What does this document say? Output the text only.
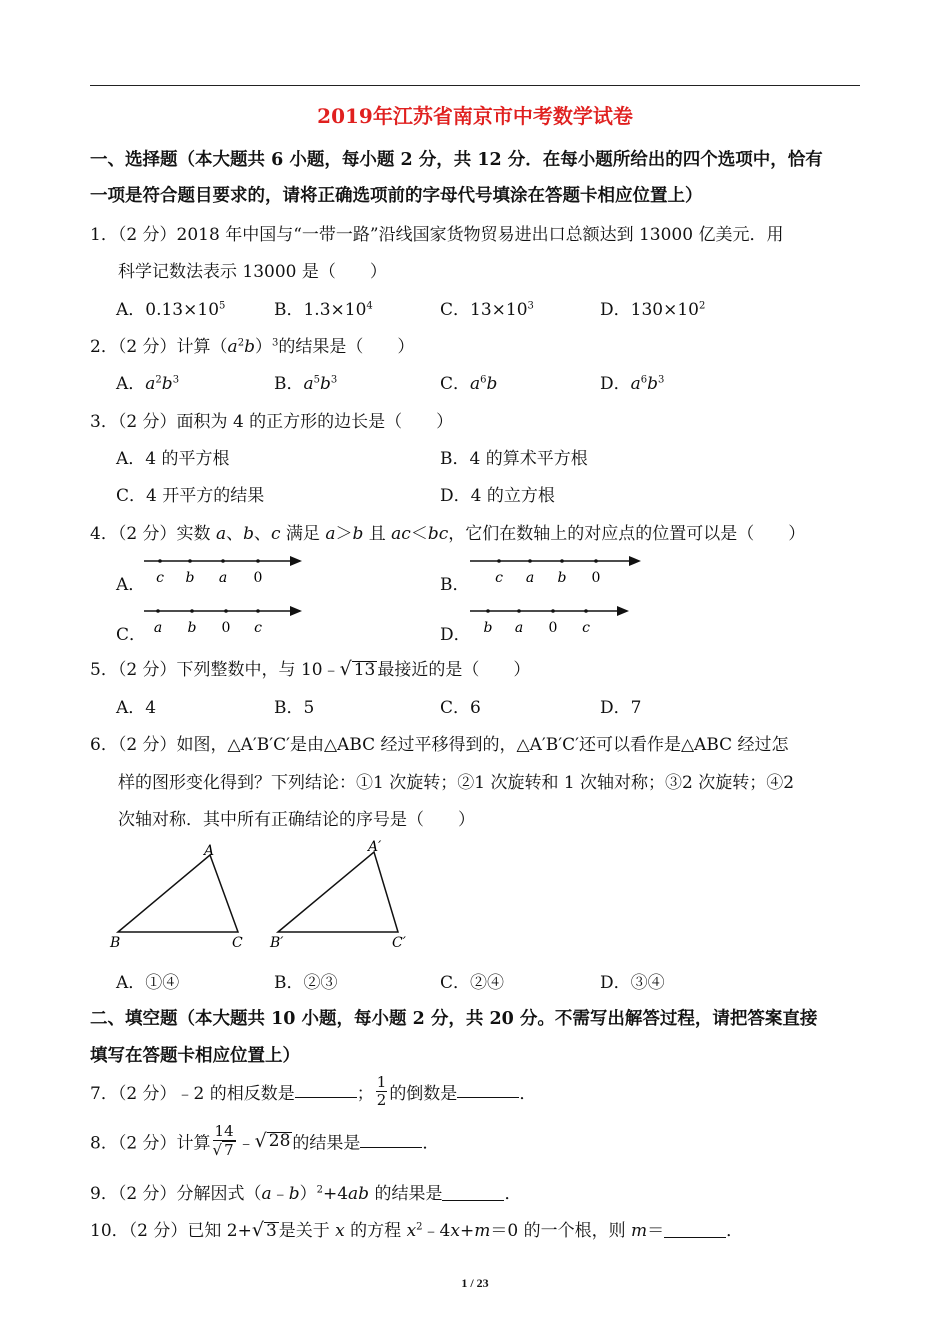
2019年江苏省南京市中考数学试卷
一、选择题（本大题共 6 小题，每小题 2 分，共 12 分．在每小题所给出的四个选项中，恰有
一项是符合题目要求的，请将正确选项前的字母代号填涂在答题卡相应位置上）
1．（2 分）2018 年中国与“一带一路”沿线国家货物贸易进出口总额达到 13000 亿美元．用
科学记数法表示 13000 是（　　）
A．$0.13\times 10^5$	B．$1.3\times 10^4$	C．$13\times 10^3$	D．$130\times 10^2$
2．（2 分）计算$(a^2b)^3$的结果是（　　）
A．$a^2b^3$	B．$a^5b^3$	C．$a^6b$	D．$a^6b^3$
3．（2 分）面积为 4 的正方形的边长是（　　）
A．4 的平方根	B．4 的算术平方根
C．4 开平方的结果	D．4 的立方根
4．（2 分）实数 a、b、c 满足 a＞b 且 ac＜bc，它们在数轴上的对应点的位置可以是（　　）
A． c b a 0	B． c a b 0
C． a b 0 c	D． b a 0 c
5．（2 分）下列整数中，与 10﹣√ 13 最接近的是（　　）
A．4	B．5	C．6	D．7
6．（2 分）如图，△A′B′C′是由△ABC 经过平移得到的，△A′B′C′还可以看作是△ABC 经过怎
样的图形变化得到？下列结论：①1 次旋转；②1 次旋转和 1 次轴对称；③2 次旋转；④2
次轴对称．其中所有正确结论的序号是（　　）
A
B	C
A′
B′	C′
A．①④	B．②③	C．②④	D．③④
二、填空题（本大题共 10 小题，每小题 2 分，共 20 分。不需写出解答过程，请把答案直接
填写在答题卡相应位置上）
7．（2 分）﹣2 的相反数是	； $\frac{1}{2}$ 的倒数是	．
8．（2 分）计算 $\frac{14}{√ 7}$ ﹣√ 28 的结果是	．
9．（2 分）分解因式（a﹣b）$^2$+4ab 的结果是	．
10．（2 分）已知 2+√ 3 是关于 x 的方程 $x^2﹣4x+m=0$ 的一个根，则 m＝	．
1 / 23
